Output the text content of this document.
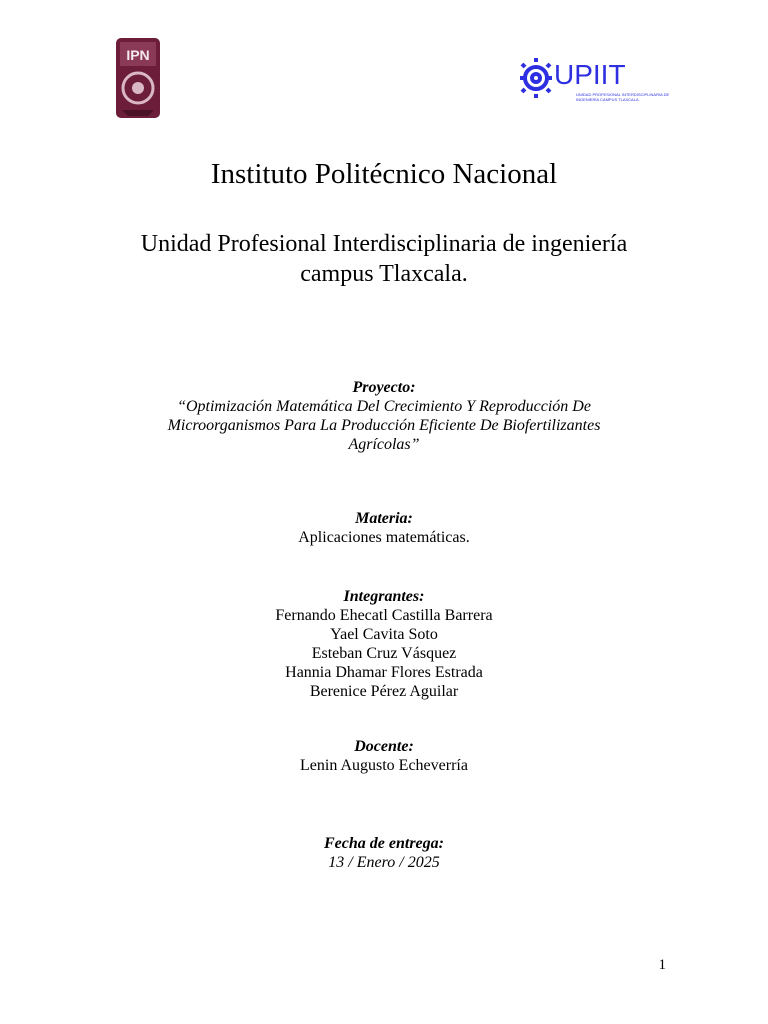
IPN
UPIIT
UNIDAD PROFESIONAL INTERDISCIPLINARIA DE
INGENIERÍA CAMPUS TLAXCALA
Instituto Politécnico Nacional
Unidad Profesional Interdisciplinaria de ingeniería
campus Tlaxcala.
Proyecto:
“Optimización Matemática Del Crecimiento Y Reproducción De
Microorganismos Para La Producción Eficiente De Biofertilizantes
Agrícolas”
Materia:
Aplicaciones matemáticas.
Integrantes:
Fernando Ehecatl Castilla Barrera
Yael Cavita Soto
Esteban Cruz Vásquez
Hannia Dhamar Flores Estrada
Berenice Pérez Aguilar
Docente:
Lenin Augusto Echeverría
Fecha de entrega:
13 / Enero / 2025
1
